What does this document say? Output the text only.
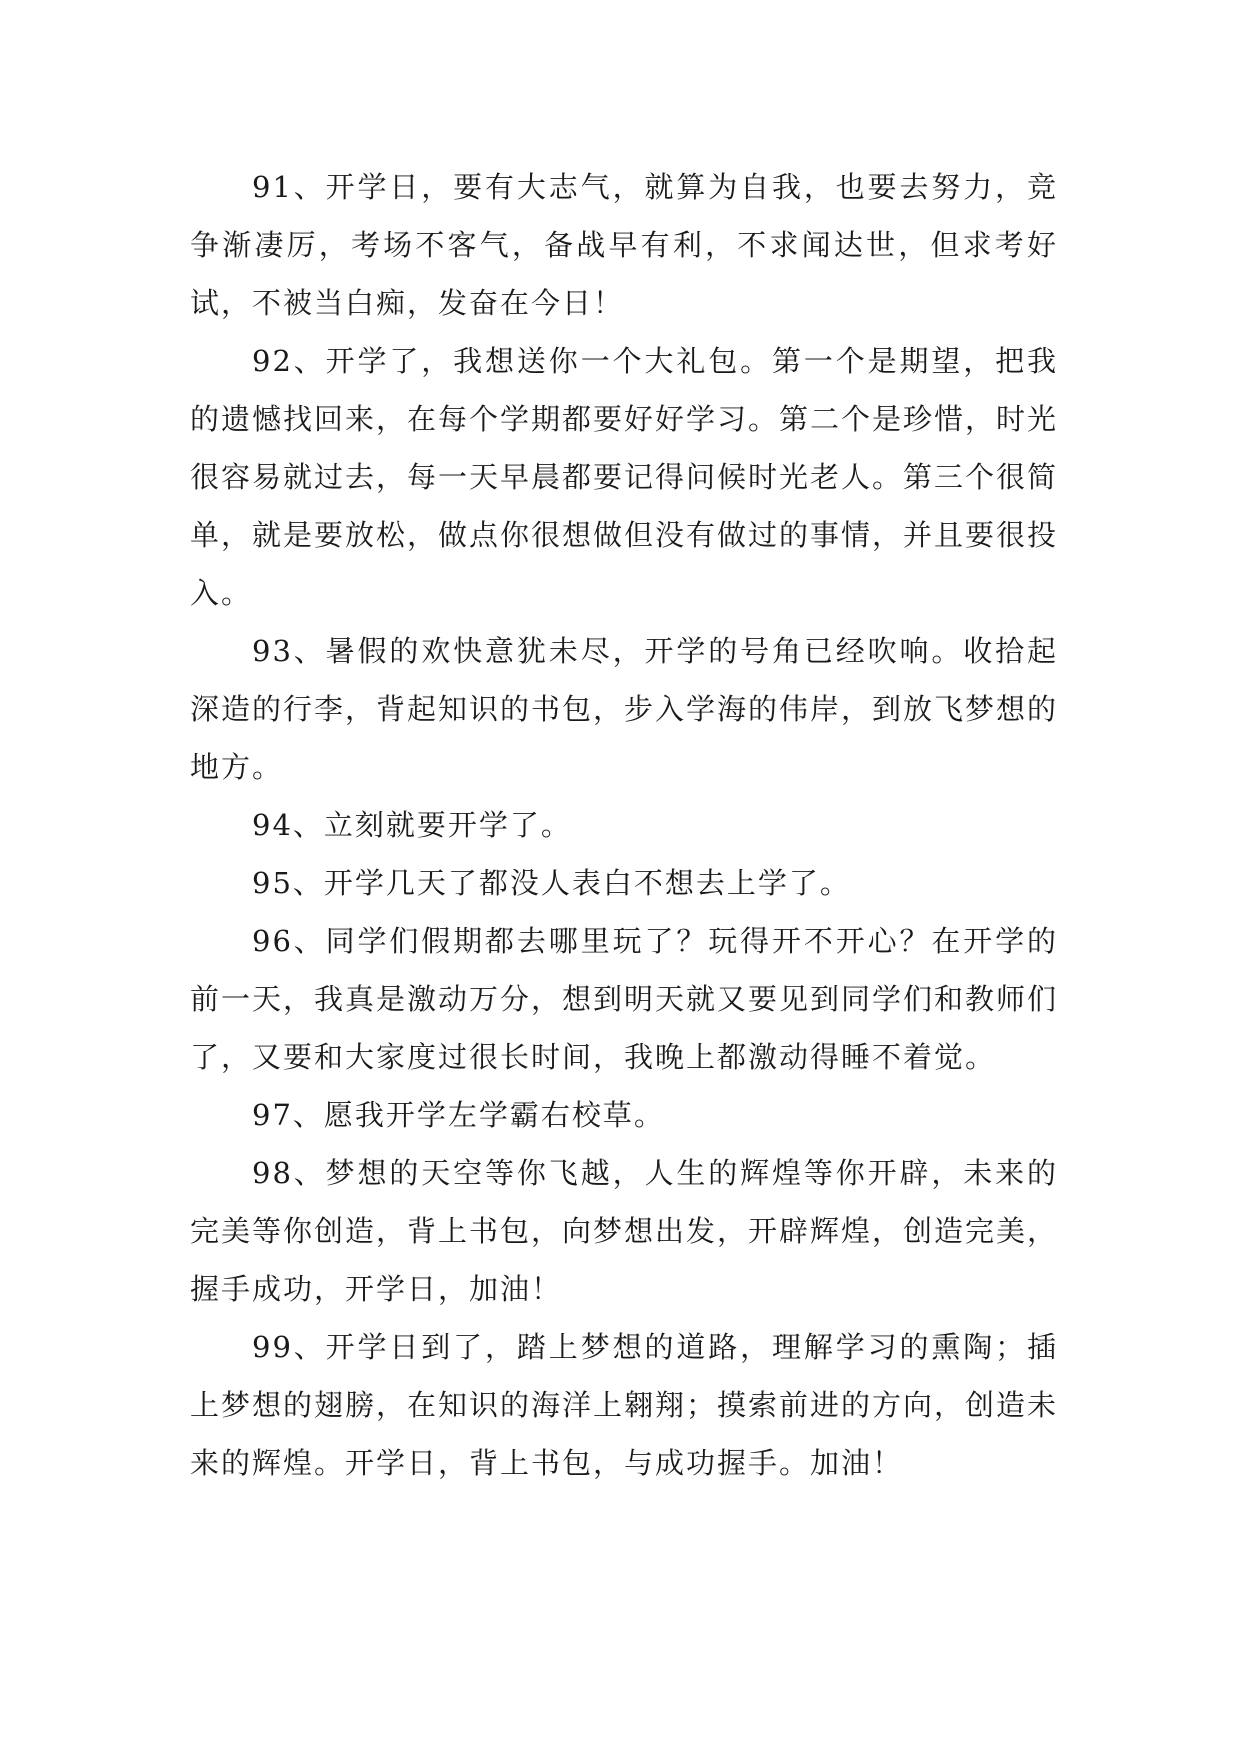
91、开学日，要有大志气，就算为自我，也要去努力，竞争渐凄厉，考场不客气，备战早有利，不求闻达世，但求考好试，不被当白痴，发奋在今日！

92、开学了，我想送你一个大礼包。第一个是期望，把我的遗憾找回来，在每个学期都要好好学习。第二个是珍惜，时光很容易就过去，每一天早晨都要记得问候时光老人。第三个很简单，就是要放松，做点你很想做但没有做过的事情，并且要很投入。

93、暑假的欢快意犹未尽，开学的号角已经吹响。收拾起深造的行李，背起知识的书包，步入学海的伟岸，到放飞梦想的地方。

94、立刻就要开学了。

95、开学几天了都没人表白不想去上学了。

96、同学们假期都去哪里玩了？玩得开不开心？在开学的前一天，我真是激动万分，想到明天就又要见到同学们和教师们了，又要和大家度过很长时间，我晚上都激动得睡不着觉。

97、愿我开学左学霸右校草。

98、梦想的天空等你飞越，人生的辉煌等你开辟，未来的完美等你创造，背上书包，向梦想出发，开辟辉煌，创造完美，握手成功，开学日，加油！

99、开学日到了，踏上梦想的道路，理解学习的熏陶；插上梦想的翅膀，在知识的海洋上翱翔；摸索前进的方向，创造未来的辉煌。开学日，背上书包，与成功握手。加油！
